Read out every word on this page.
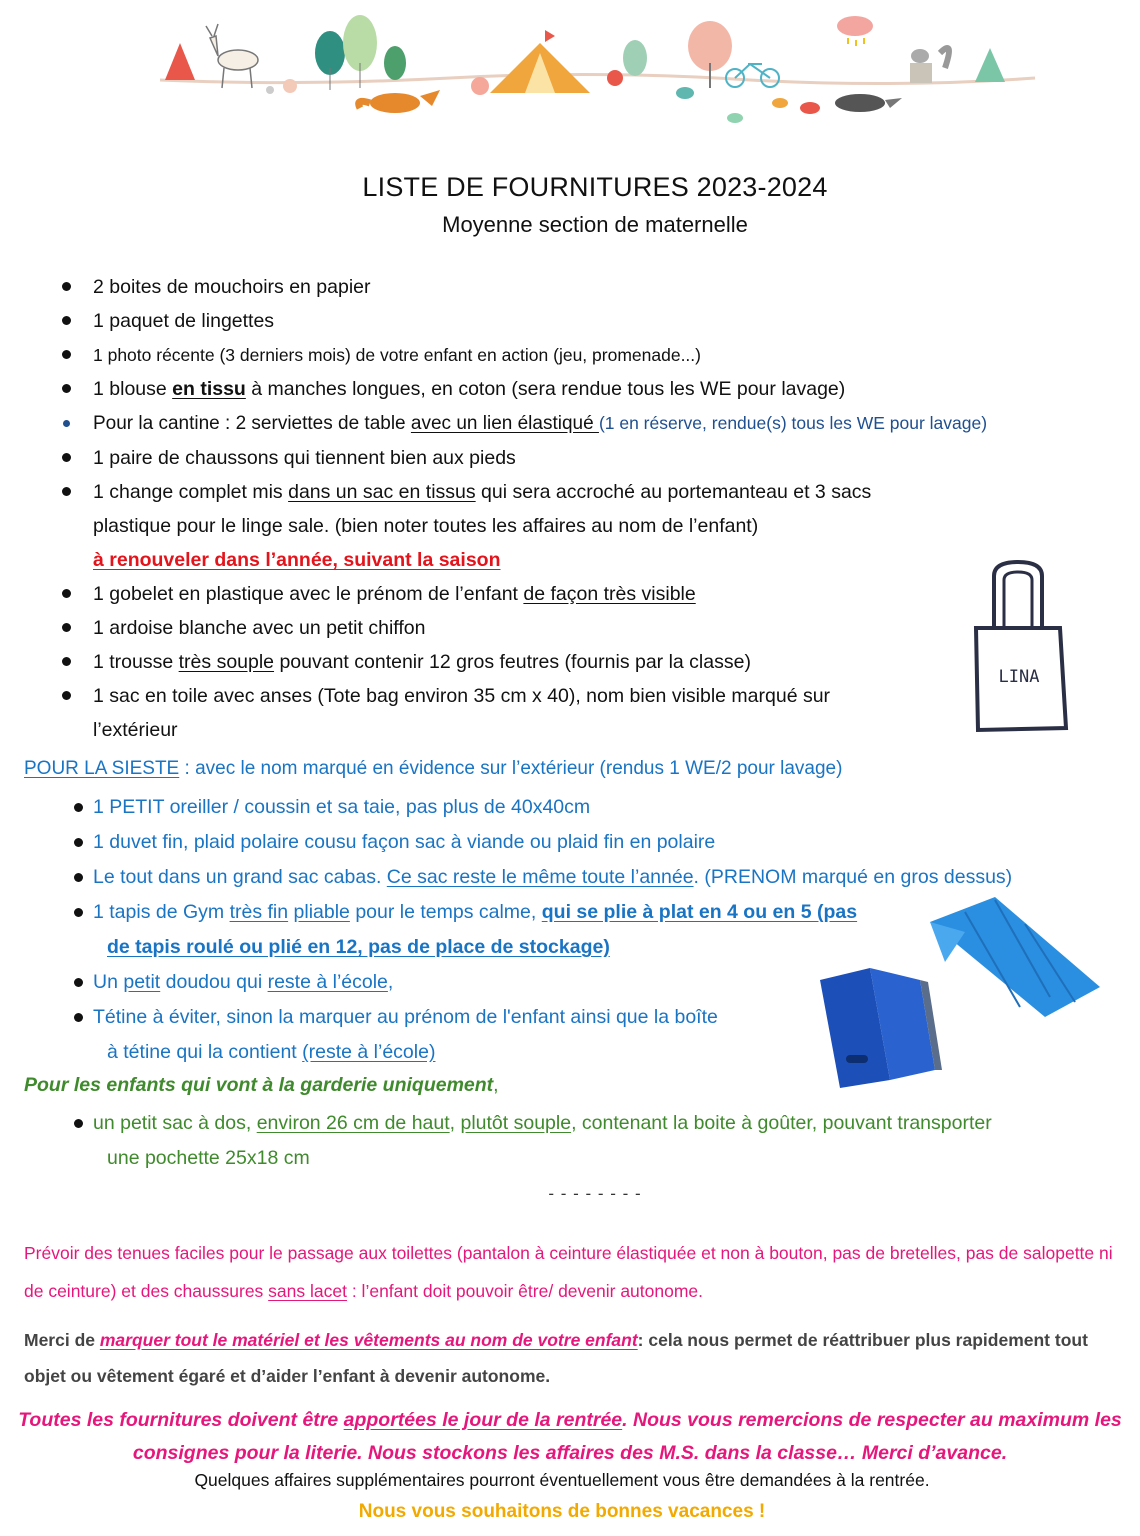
LISTE DE FOURNITURES 2023-2024
Moyenne section de maternelle
2 boites de mouchoirs en papier
1 paquet de lingettes
1 photo récente (3 derniers mois) de votre enfant en action (jeu, promenade...)
1 blouse en tissu à manches longues, en coton (sera rendue tous les WE pour lavage)
Pour la cantine : 2 serviettes de table avec un lien élastiqué (1 en réserve, rendue(s) tous les WE pour lavage)
1 paire de chaussons qui tiennent bien aux pieds
1 change complet mis dans un sac en tissus qui sera accroché au portemanteau et 3 sacs
plastique pour le linge sale. (bien noter toutes les affaires au nom de l’enfant)
à renouveler dans l’année, suivant la saison
1 gobelet en plastique avec le prénom de l’enfant de façon très visible
1 ardoise blanche avec un petit chiffon
1 trousse très souple pouvant contenir 12 gros feutres (fournis par la classe)
1 sac en toile avec anses (Tote bag environ 35 cm x 40), nom bien visible marqué sur
l’extérieur
LINA
POUR LA SIESTE : avec le nom marqué en évidence sur l’extérieur (rendus 1 WE/2 pour lavage)
1 PETIT oreiller / coussin et sa taie, pas plus de 40x40cm
1 duvet fin, plaid polaire cousu façon sac à viande ou plaid fin en polaire
Le tout dans un grand sac cabas. Ce sac reste le même toute l’année. (PRENOM marqué en gros dessus)
1 tapis de Gym très fin pliable pour le temps calme, qui se plie à plat en 4 ou en 5 (pas
de tapis roulé ou plié en 12, pas de place de stockage)
Un petit doudou qui reste à l’école,
Tétine à éviter, sinon la marquer au prénom de l'enfant ainsi que la boîte
à tétine qui la contient (reste à l’école)
Pour les enfants qui vont à la garderie uniquement,
un petit sac à dos, environ 26 cm de haut, plutôt souple, contenant la boite à goûter, pouvant transporter
une pochette 25x18 cm
- - - - - - - -
Prévoir des tenues faciles pour le passage aux toilettes (pantalon à ceinture élastiquée et non à bouton, pas de bretelles, pas de salopette ni de ceinture) et des chaussures sans lacet : l’enfant doit pouvoir être/ devenir autonome.
Merci de marquer tout le matériel et les vêtements au nom de votre enfant: cela nous permet de réattribuer plus rapidement tout objet ou vêtement égaré et d’aider l’enfant à devenir autonome.
Toutes les fournitures doivent être apportées le jour de la rentrée. Nous vous remercions de respecter au maximum les consignes pour la literie. Nous stockons les affaires des M.S. dans la classe… Merci d’avance.
Quelques affaires supplémentaires pourront éventuellement vous être demandées à la rentrée.
Nous vous souhaitons de bonnes vacances !
